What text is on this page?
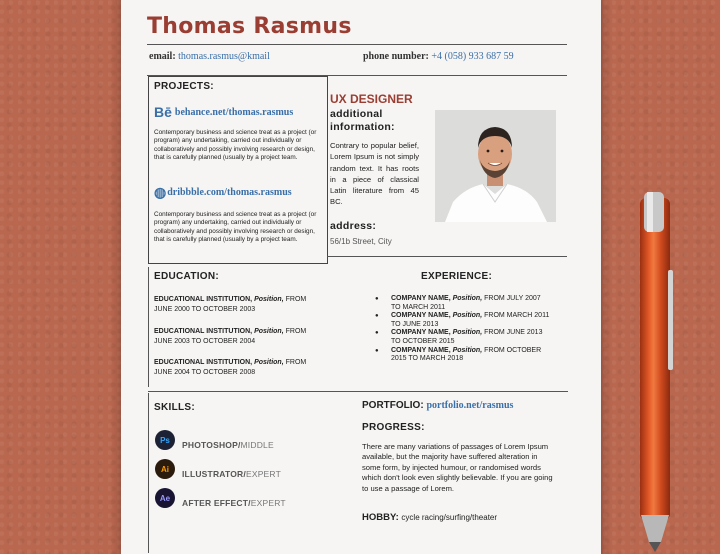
Thomas Rasmus
email: thomas.rasmus@kmail	phone number: +4 (058) 933 687 59
PROJECTS:
Bē behance.net/thomas.rasmus
Contemporary business and science treat as a project (or program) any undertaking, carried out individually or collaboratively and possibly involving research or design, that is carefully planned (usually by a project team.
◍ dribbble.com/thomas.rasmus
Contemporary business and science treat as a project (or program) any undertaking, carried out individually or collaboratively and possibly involving research or design, that is carefully planned (usually by a project team.
UX DESIGNER
additional information:
Contrary to popular belief, Lorem Ipsum is not simply random text. It has roots in a piece of classical Latin literature from 45 BC.
address:
56/1b Street, City
EDUCATION:
EDUCATIONAL INSTITUTION, Position, FROM
JUNE 2000 TO OCTOBER 2003
EDUCATIONAL INSTITUTION, Position, FROM
JUNE 2003 TO OCTOBER 2004
EDUCATIONAL INSTITUTION, Position, FROM
JUNE 2004 TO OCTOBER 2008
EXPERIENCE:
● COMPANY NAME, Position, FROM JULY 2007 TO MARCH 2011
● COMPANY NAME, Position, FROM MARCH 2011 TO JUNE 2013
● COMPANY NAME, Position, FROM JUNE 2013 TO OCTOBER 2015
● COMPANY NAME, Position, FROM OCTOBER 2015 TO MARCH 2018
SKILLS:
Ps	PHOTOSHOP/MIDDLE
Ai	ILLUSTRATOR/EXPERT
Ae	AFTER EFFECT/EXPERT
PORTFOLIO: portfolio.net/rasmus
PROGRESS:
There are many variations of passages of Lorem Ipsum available, but the majority have suffered alteration in some form, by injected humour, or randomised words which don't look even slightly believable. If you are going to use a passage of Lorem.
HOBBY: cycle racing/surfing/theater
